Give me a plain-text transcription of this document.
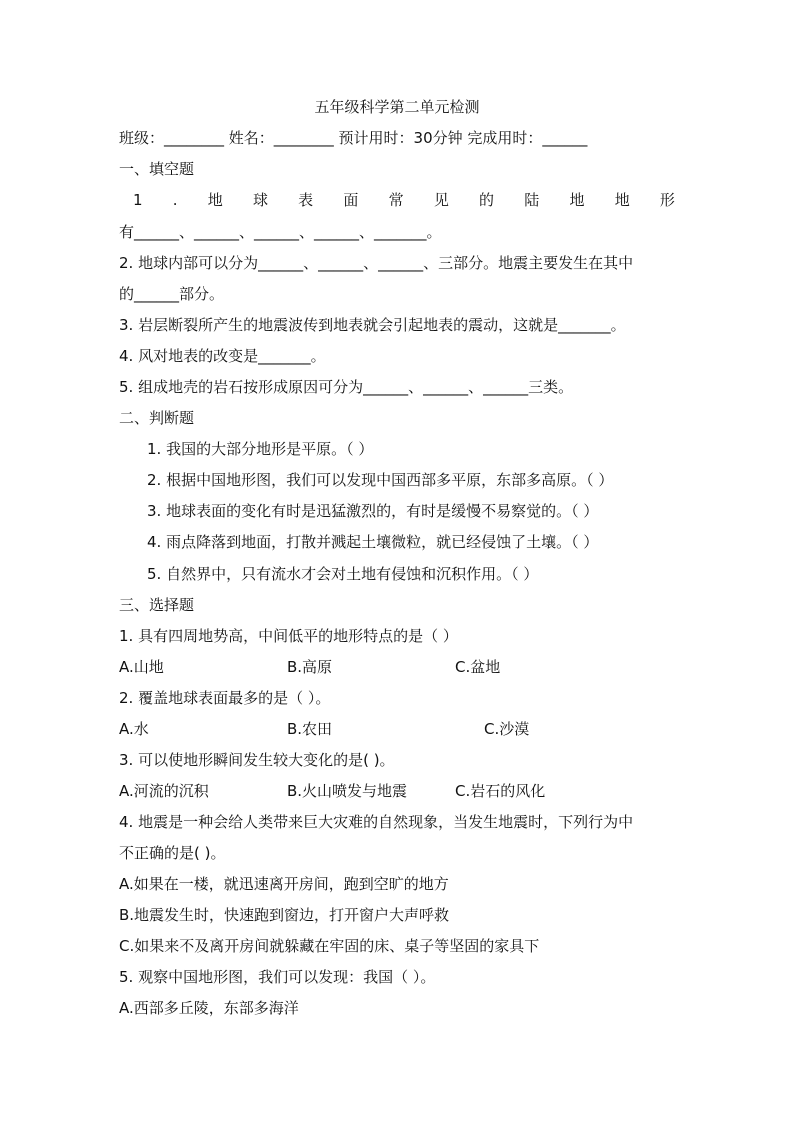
五年级科学第二单元检测
班级：________ 姓名：________ 预计用时：30分钟 完成用时：______
一、填空题
1 . 地 球 表 面 常 见 的 陆 地 地 形
有______、______、______、______、_______。
2. 地球内部可以分为______、______、______、三部分。地震主要发生在其中
的______部分。
3. 岩层断裂所产生的地震波传到地表就会引起地表的震动，这就是_______。
4. 风对地表的改变是_______。
5. 组成地壳的岩石按形成原因可分为______、______、______三类。
二、判断题
1. 我国的大部分地形是平原。（ ）
2. 根据中国地形图，我们可以发现中国西部多平原，东部多高原。（ ）
3. 地球表面的变化有时是迅猛激烈的，有时是缓慢不易察觉的。（ ）
4. 雨点降落到地面，打散并溅起土壤微粒，就已经侵蚀了土壤。（ ）
5. 自然界中，只有流水才会对土地有侵蚀和沉积作用。（ ）
三、选择题
1. 具有四周地势高，中间低平的地形特点的是（ ）
A.山地	B.高原	C.盆地
2. 覆盖地球表面最多的是（ ）。
A.水	B.农田	C.沙漠
3. 可以使地形瞬间发生较大变化的是( )。
A.河流的沉积	B.火山喷发与地震	C.岩石的风化
4. 地震是一种会给人类带来巨大灾难的自然现象，当发生地震时，下列行为中
不正确的是( )。
A.如果在一楼，就迅速离开房间，跑到空旷的地方
B.地震发生时，快速跑到窗边，打开窗户大声呼救
C.如果来不及离开房间就躲藏在牢固的床、桌子等坚固的家具下
5. 观察中国地形图，我们可以发现：我国（ ）。
A.西部多丘陵，东部多海洋
